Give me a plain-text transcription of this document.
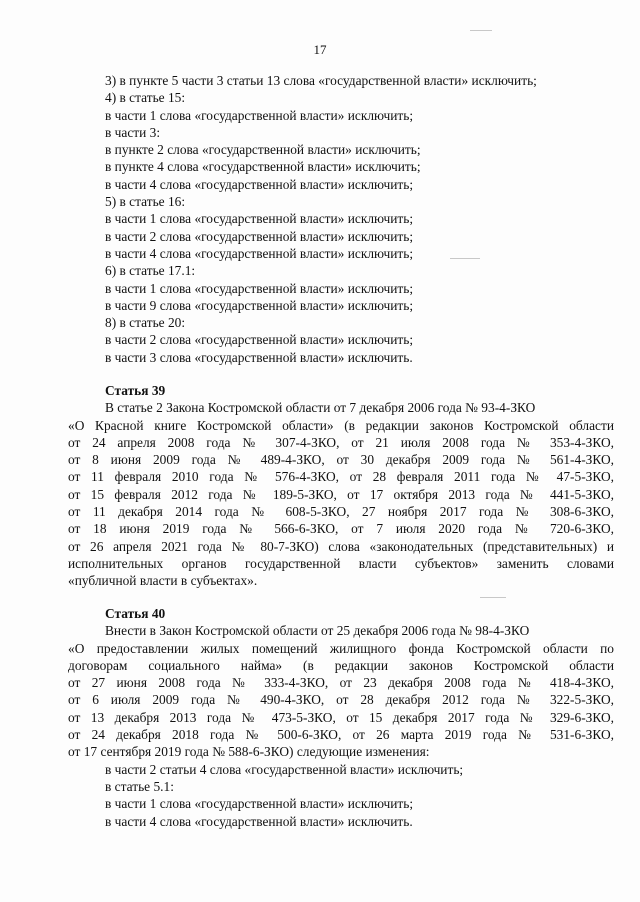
17
3) в пункте 5 части 3 статьи 13 слова «государственной власти» исключить;
4) в статье 15:
в части 1 слова «государственной власти» исключить;
в части 3:
в пункте 2 слова «государственной власти» исключить;
в пункте 4 слова «государственной власти» исключить;
в части 4 слова «государственной власти» исключить;
5) в статье 16:
в части 1 слова «государственной власти» исключить;
в части 2 слова «государственной власти» исключить;
в части 4 слова «государственной власти» исключить;
6) в статье 17.1:
в части 1 слова «государственной власти» исключить;
в части 9 слова «государственной власти» исключить;
8) в статье 20:
в части 2 слова «государственной власти» исключить;
в части 3 слова «государственной власти» исключить.
Статья 39
В статье 2 Закона Костромской области от 7 декабря 2006 года № 93-4-ЗКО
«О Красной книге Костромской области» (в редакции законов Костромской области
от 24 апреля 2008 года № 307-4-ЗКО, от 21 июля 2008 года № 353-4-ЗКО,
от 8 июня 2009 года № 489-4-ЗКО, от 30 декабря 2009 года № 561-4-ЗКО,
от 11 февраля 2010 года № 576-4-ЗКО, от 28 февраля 2011 года № 47-5-ЗКО,
от 15 февраля 2012 года № 189-5-ЗКО, от 17 октября 2013 года № 441-5-ЗКО,
от 11 декабря 2014 года № 608-5-ЗКО, 27 ноября 2017 года № 308-6-ЗКО,
от 18 июня 2019 года № 566-6-ЗКО, от 7 июля 2020 года № 720-6-ЗКО,
от 26 апреля 2021 года № 80-7-ЗКО) слова «законодательных (представительных) и
исполнительных органов государственной власти субъектов» заменить словами
«публичной власти в субъектах».
Статья 40
Внести в Закон Костромской области от 25 декабря 2006 года № 98-4-ЗКО
«О предоставлении жилых помещений жилищного фонда Костромской области по
договорам социального найма» (в редакции законов Костромской области
от 27 июня 2008 года № 333-4-ЗКО, от 23 декабря 2008 года № 418-4-ЗКО,
от 6 июля 2009 года № 490-4-ЗКО, от 28 декабря 2012 года № 322-5-ЗКО,
от 13 декабря 2013 года № 473-5-ЗКО, от 15 декабря 2017 года № 329-6-ЗКО,
от 24 декабря 2018 года № 500-6-ЗКО, от 26 марта 2019 года № 531-6-ЗКО,
от 17 сентября 2019 года № 588-6-ЗКО) следующие изменения:
в части 2 статьи 4 слова «государственной власти» исключить;
в статье 5.1:
в части 1 слова «государственной власти» исключить;
в части 4 слова «государственной власти» исключить.
